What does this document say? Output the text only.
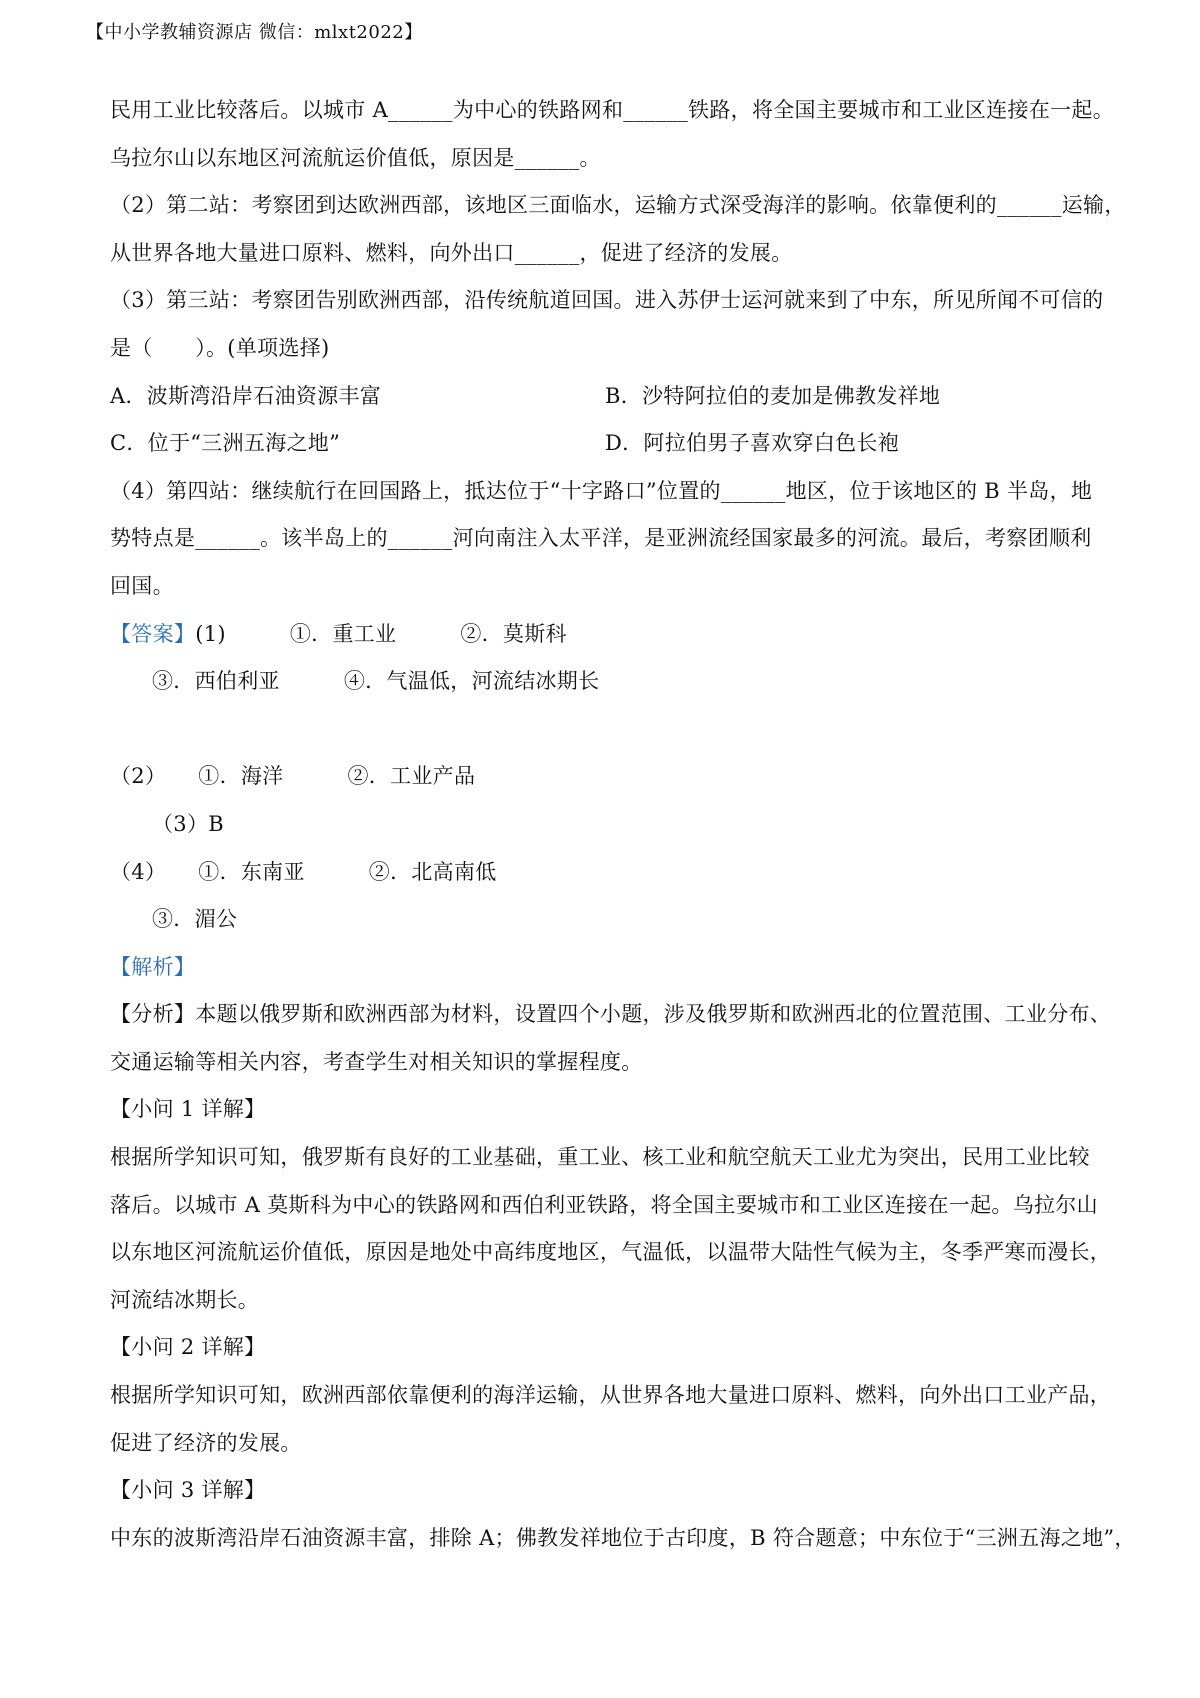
【中小学教辅资源店 微信：mlxt2022】
民用工业比较落后。以城市 A______为中心的铁路网和______铁路，将全国主要城市和工业区连接在一起。
乌拉尔山以东地区河流航运价值低，原因是______。
（2）第二站：考察团到达欧洲西部，该地区三面临水，运输方式深受海洋的影响。依靠便利的______运输，
从世界各地大量进口原料、燃料，向外出口______，促进了经济的发展。
（3）第三站：考察团告别欧洲西部，沿传统航道回国。进入苏伊士运河就来到了中东，所见所闻不可信的
是（　　）。(单项选择)
A．波斯湾沿岸石油资源丰富	B．沙特阿拉伯的麦加是佛教发祥地
C．位于“三洲五海之地”	D．阿拉伯男子喜欢穿白色长袍
（4）第四站：继续航行在回国路上，抵达位于“十字路口”位置的______地区，位于该地区的 B 半岛，地
势特点是______。该半岛上的______河向南注入太平洋，是亚洲流经国家最多的河流。最后，考察团顺利
回国。
【答案】(1)	①．重工业	②．莫斯科
③．西伯利亚	④．气温低，河流结冰期长
（2） ①．海洋	②．工业产品
（3）B
（4） ①．东南亚	②．北高南低
③．湄公
【解析】
【分析】本题以俄罗斯和欧洲西部为材料，设置四个小题，涉及俄罗斯和欧洲西北的位置范围、工业分布、
交通运输等相关内容，考查学生对相关知识的掌握程度。
【小问 1 详解】
根据所学知识可知，俄罗斯有良好的工业基础，重工业、核工业和航空航天工业尤为突出，民用工业比较
落后。以城市 A 莫斯科为中心的铁路网和西伯利亚铁路，将全国主要城市和工业区连接在一起。乌拉尔山
以东地区河流航运价值低，原因是地处中高纬度地区，气温低，以温带大陆性气候为主，冬季严寒而漫长，
河流结冰期长。
【小问 2 详解】
根据所学知识可知，欧洲西部依靠便利的海洋运输，从世界各地大量进口原料、燃料，向外出口工业产品，
促进了经济的发展。
【小问 3 详解】
中东的波斯湾沿岸石油资源丰富，排除 A；佛教发祥地位于古印度，B 符合题意；中东位于“三洲五海之地”，
